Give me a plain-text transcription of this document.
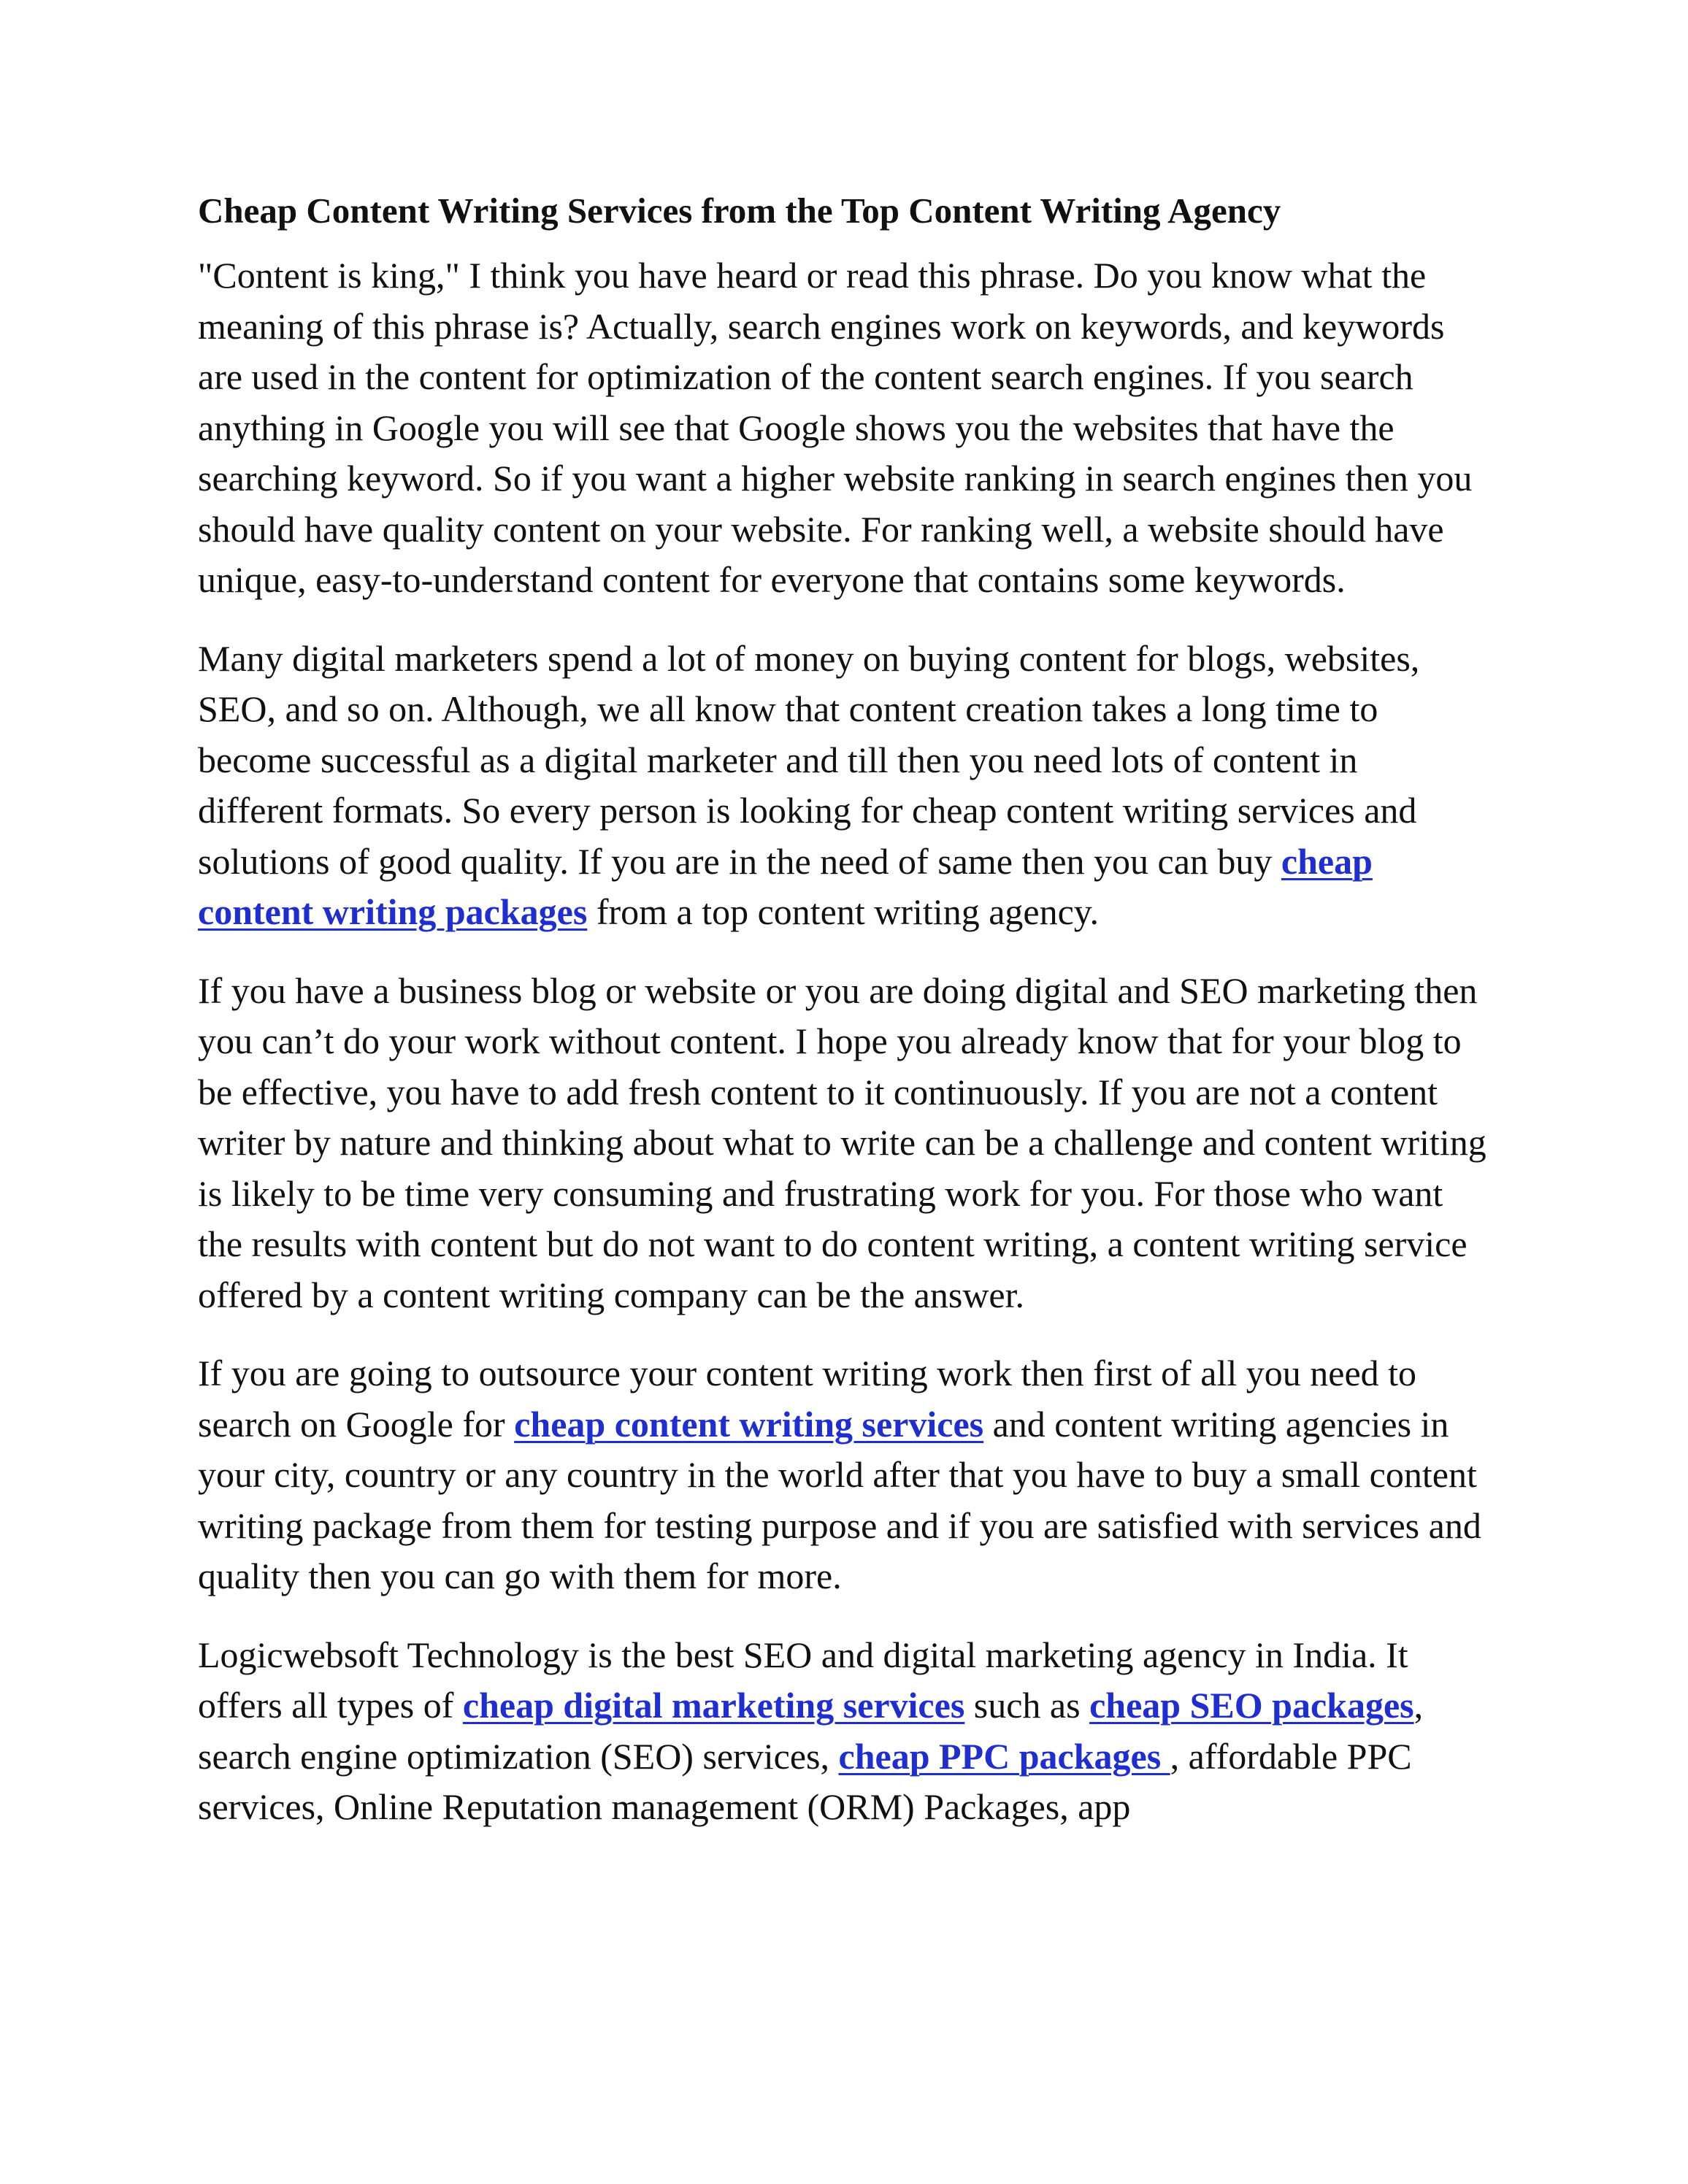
Cheap Content Writing Services from the Top Content Writing Agency

"Content is king," I think you have heard or read this phrase. Do you know what the meaning of this phrase is? Actually, search engines work on keywords, and keywords are used in the content for optimization of the content search engines. If you search anything in Google you will see that Google shows you the websites that have the searching keyword. So if you want a higher website ranking in search engines then you should have quality content on your website. For ranking well, a website should have unique, easy-to-understand content for everyone that contains some keywords.

Many digital marketers spend a lot of money on buying content for blogs, websites, SEO, and so on. Although, we all know that content creation takes a long time to become successful as a digital marketer and till then you need lots of content in different formats. So every person is looking for cheap content writing services and solutions of good quality. If you are in the need of same then you can buy cheap content writing packages from a top content writing agency.

If you have a business blog or website or you are doing digital and SEO marketing then you can’t do your work without content. I hope you already know that for your blog to be effective, you have to add fresh content to it continuously. If you are not a content writer by nature and thinking about what to write can be a challenge and content writing is likely to be time very consuming and frustrating work for you. For those who want the results with content but do not want to do content writing, a content writing service offered by a content writing company can be the answer.

If you are going to outsource your content writing work then first of all you need to search on Google for cheap content writing services and content writing agencies in your city, country or any country in the world after that you have to buy a small content writing package from them for testing purpose and if you are satisfied with services and quality then you can go with them for more.

Logicwebsoft Technology is the best SEO and digital marketing agency in India. It offers all types of cheap digital marketing services such as cheap SEO packages, search engine optimization (SEO) services, cheap PPC packages , affordable PPC services, Online Reputation management (ORM) Packages, app
